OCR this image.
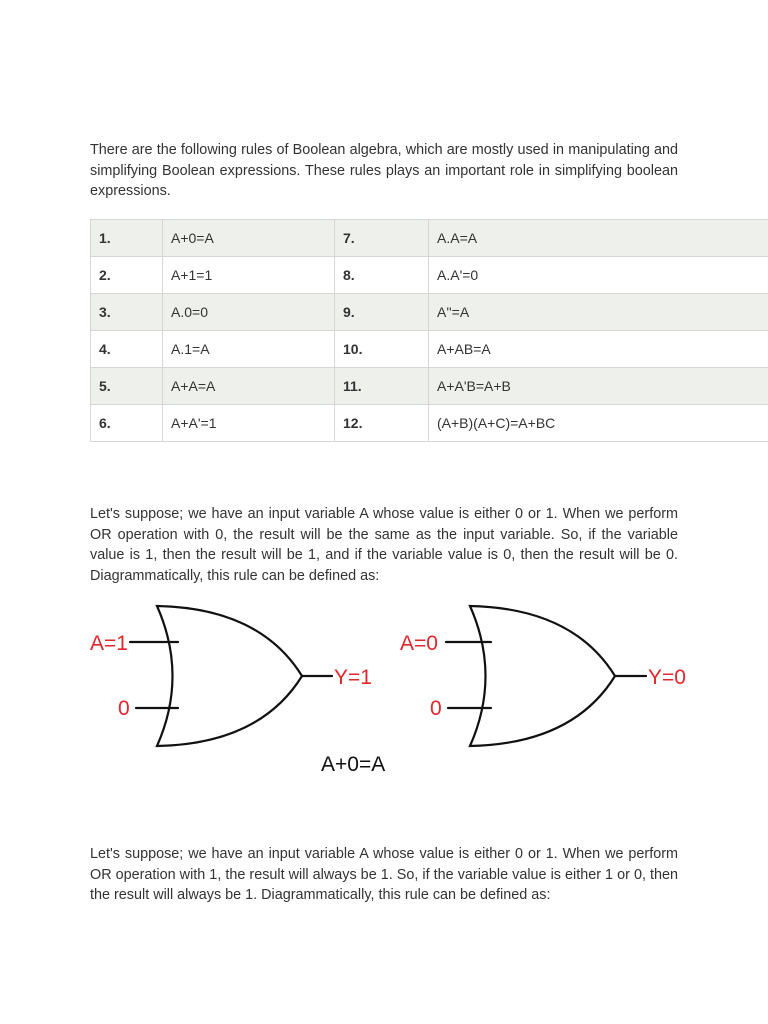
There are the following rules of Boolean algebra, which are mostly used in manipulating and simplifying Boolean expressions. These rules plays an important role in simplifying boolean expressions.

1.	A+0=A	7.	A.A=A
2.	A+1=1	8.	A.A'=0
3.	A.0=0	9.	A''=A
4.	A.1=A	10.	A+AB=A
5.	A+A=A	11.	A+A'B=A+B
6.	A+A'=1	12.	(A+B)(A+C)=A+BC

Let's suppose; we have an input variable A whose value is either 0 or 1. When we perform OR operation with 0, the result will be the same as the input variable. So, if the variable value is 1, then the result will be 1, and if the variable value is 0, then the result will be 0. Diagrammatically, this rule can be defined as:

A=1
0
Y=1
A=0
0
Y=0
A+0=A

Let's suppose; we have an input variable A whose value is either 0 or 1. When we perform OR operation with 1, the result will always be 1. So, if the variable value is either 1 or 0, then the result will always be 1. Diagrammatically, this rule can be defined as:
